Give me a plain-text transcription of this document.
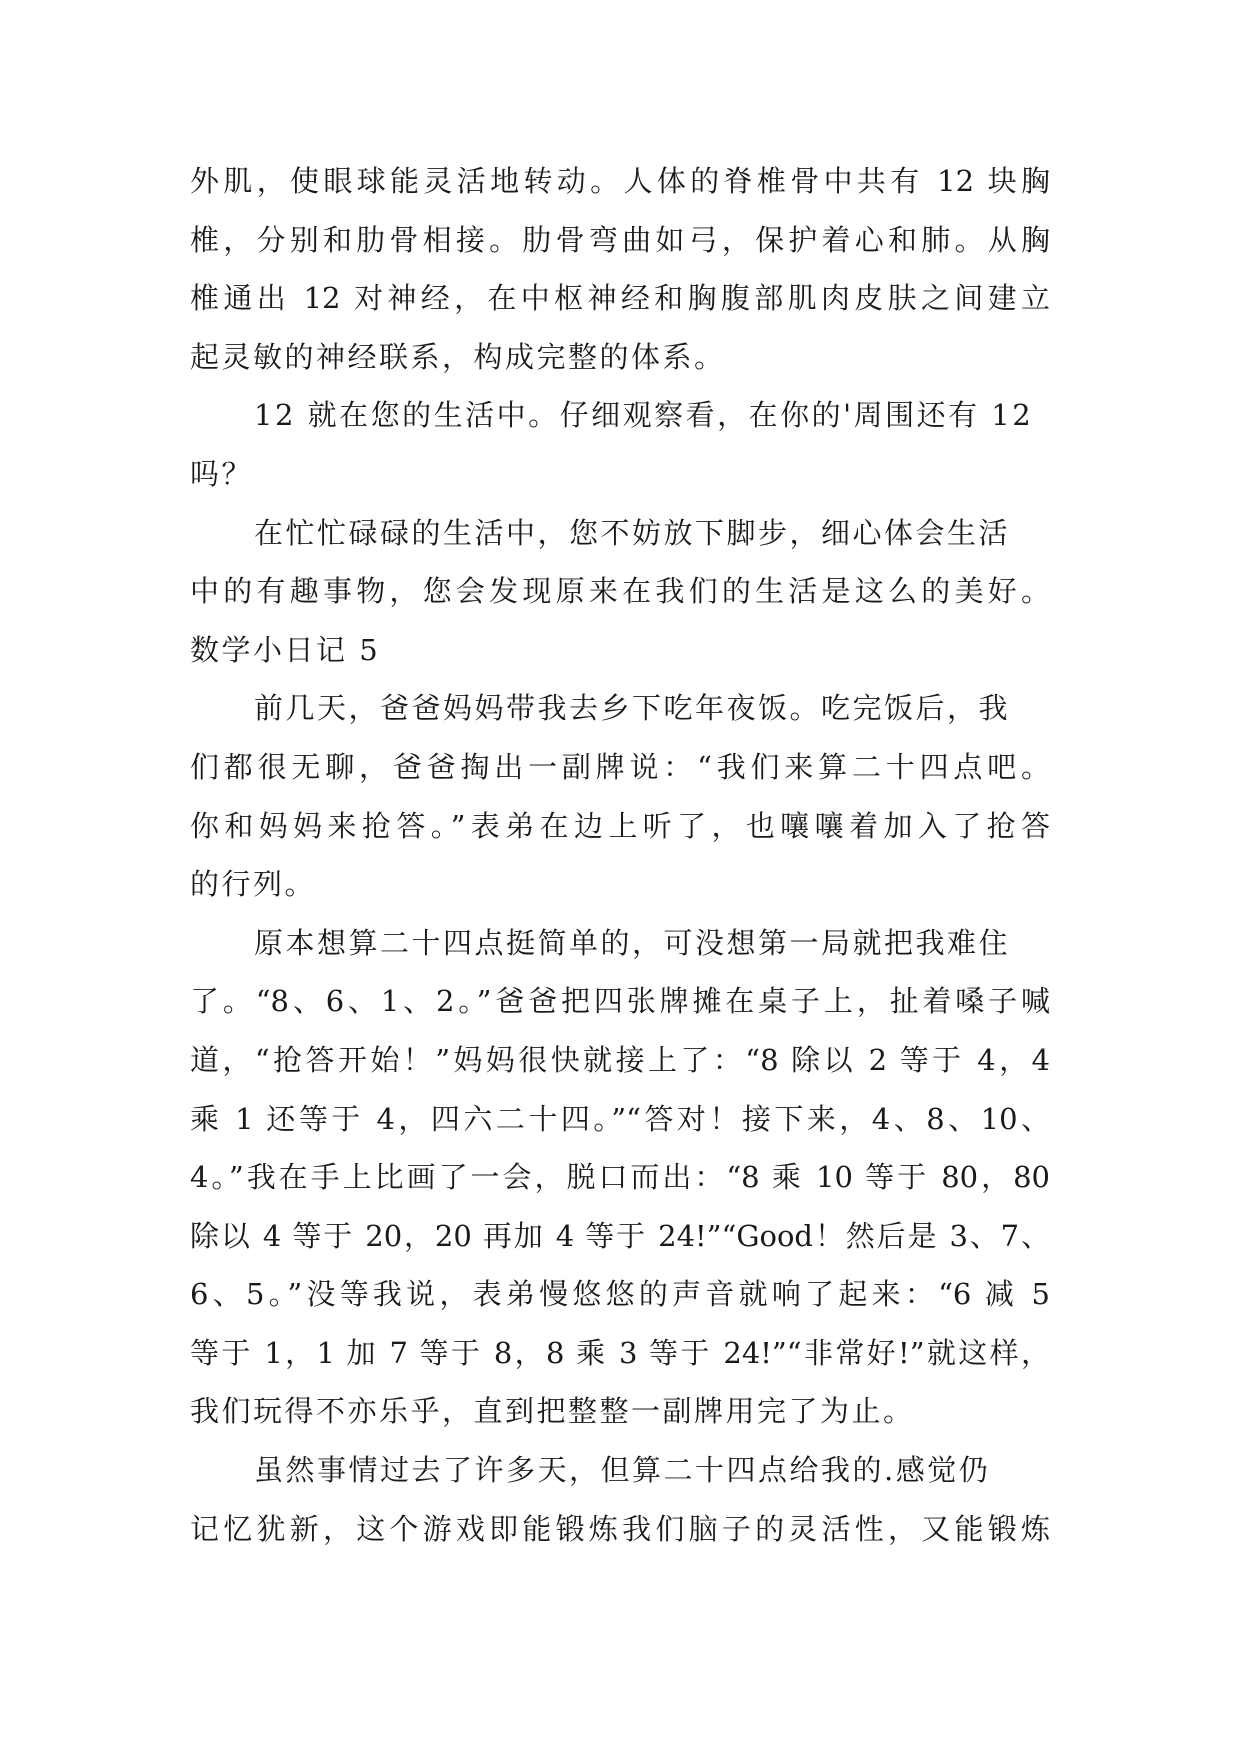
外肌，使眼球能灵活地转动。人体的脊椎骨中共有 12 块胸
椎，分别和肋骨相接。肋骨弯曲如弓，保护着心和肺。从胸
椎通出 12 对神经，在中枢神经和胸腹部肌肉皮肤之间建立
起灵敏的神经联系，构成完整的体系。
12 就在您的生活中。仔细观察看，在你的'周围还有 12
吗？
在忙忙碌碌的生活中，您不妨放下脚步，细心体会生活
中的有趣事物，您会发现原来在我们的生活是这么的美好。
数学小日记 5
前几天，爸爸妈妈带我去乡下吃年夜饭。吃完饭后，我
们都很无聊，爸爸掏出一副牌说：“我们来算二十四点吧。
你和妈妈来抢答。”表弟在边上听了，也嚷嚷着加入了抢答
的行列。
原本想算二十四点挺简单的，可没想第一局就把我难住
了。“8、6、1、2。”爸爸把四张牌摊在桌子上，扯着嗓子喊
道，“抢答开始！”妈妈很快就接上了：“8 除以 2 等于 4，4
乘 1 还等于 4，四六二十四。”“答对！接下来，4、8、10、
4。”我在手上比画了一会，脱口而出：“8 乘 10 等于 80，80
除以 4 等于 20，20 再加 4 等于 24!”“Good！然后是 3、7、
6、5。”没等我说，表弟慢悠悠的声音就响了起来：“6 减 5
等于 1，1 加 7 等于 8，8 乘 3 等于 24!”“非常好!”就这样，
我们玩得不亦乐乎，直到把整整一副牌用完了为止。
虽然事情过去了许多天，但算二十四点给我的.感觉仍
记忆犹新，这个游戏即能锻炼我们脑子的灵活性，又能锻炼
